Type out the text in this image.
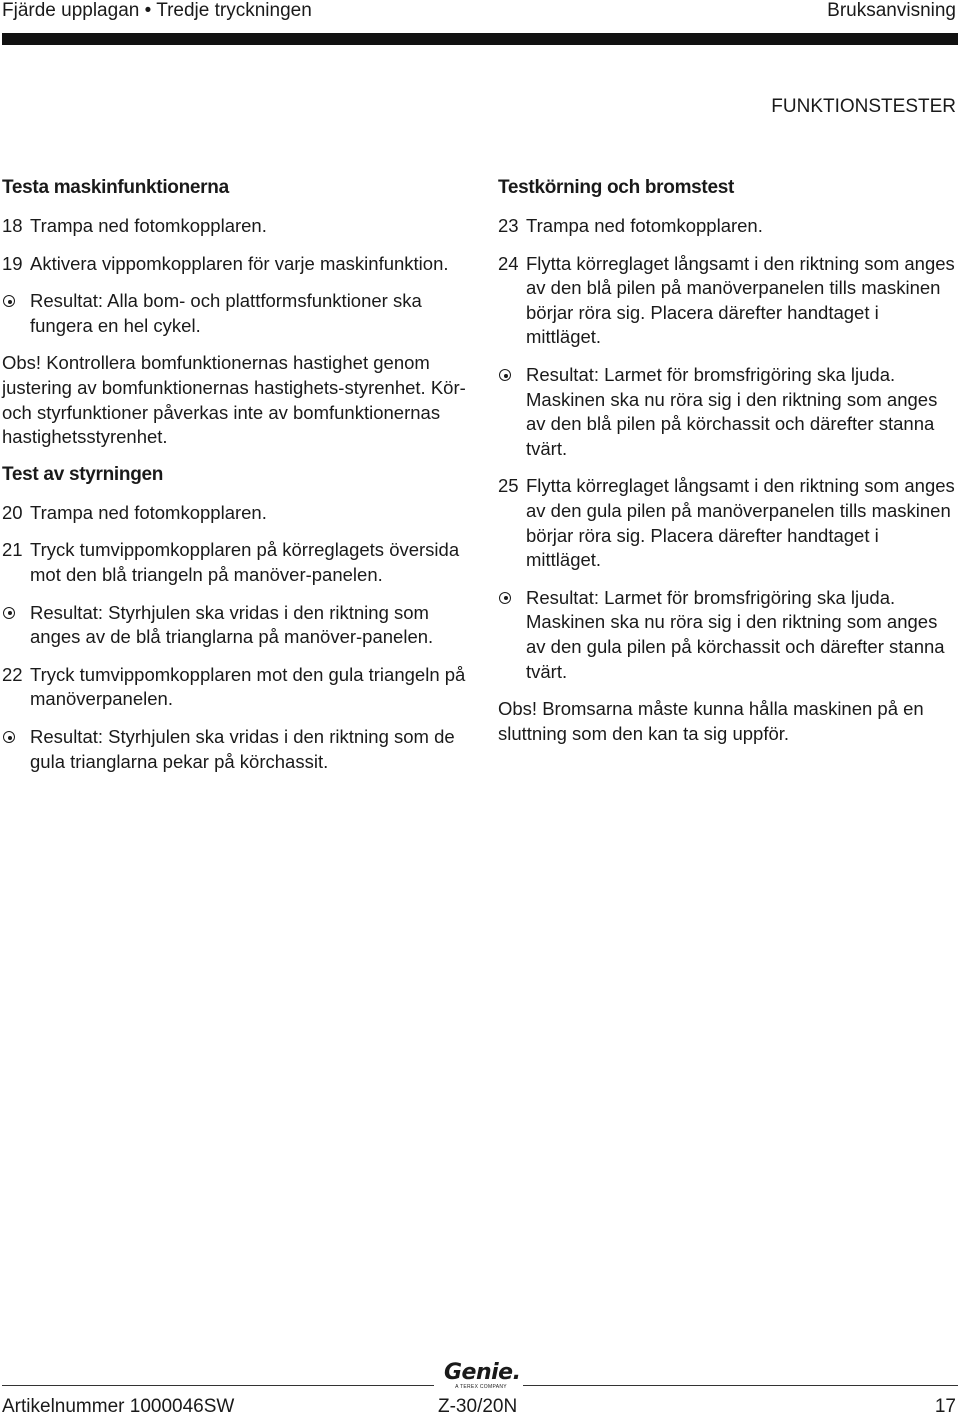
Fjärde upplagan • Tredje tryckningen	Bruksanvisning
FUNKTIONSTESTER

Testa maskinfunktionerna

18 Trampa ned fotomkopplaren.
19 Aktivera vippomkopplaren för varje maskinfunktion.
Resultat: Alla bom- och plattformsfunktioner ska fungera en hel cykel.

Obs! Kontrollera bomfunktionernas hastighet genom justering av bomfunktionernas hastighets-styrenhet. Kör- och styrfunktioner påverkas inte av bomfunktionernas hastighetsstyrenhet.

Test av styrningen

20 Trampa ned fotomkopplaren.
21 Tryck tumvippomkopplaren på körreglagets översida mot den blå triangeln på manöver-panelen.
Resultat: Styrhjulen ska vridas i den riktning som anges av de blå trianglarna på manöver-panelen.
22 Tryck tumvippomkopplaren mot den gula triangeln på manöverpanelen.
Resultat: Styrhjulen ska vridas i den riktning som de gula trianglarna pekar på körchassit.

Testkörning och bromstest

23 Trampa ned fotomkopplaren.
24 Flytta körreglaget långsamt i den riktning som anges av den blå pilen på manöverpanelen tills maskinen börjar röra sig. Placera därefter handtaget i mittläget.
Resultat: Larmet för bromsfrigöring ska ljuda. Maskinen ska nu röra sig i den riktning som anges av den blå pilen på körchassit och därefter stanna tvärt.
25 Flytta körreglaget långsamt i den riktning som anges av den gula pilen på manöverpanelen tills maskinen börjar röra sig. Placera därefter handtaget i mittläget.
Resultat: Larmet för bromsfrigöring ska ljuda. Maskinen ska nu röra sig i den riktning som anges av den gula pilen på körchassit och därefter stanna tvärt.

Obs! Bromsarna måste kunna hålla maskinen på en sluttning som den kan ta sig uppför.

Genie.
A TEREX COMPANY
Artikelnummer 1000046SW	Z-30/20N	17
